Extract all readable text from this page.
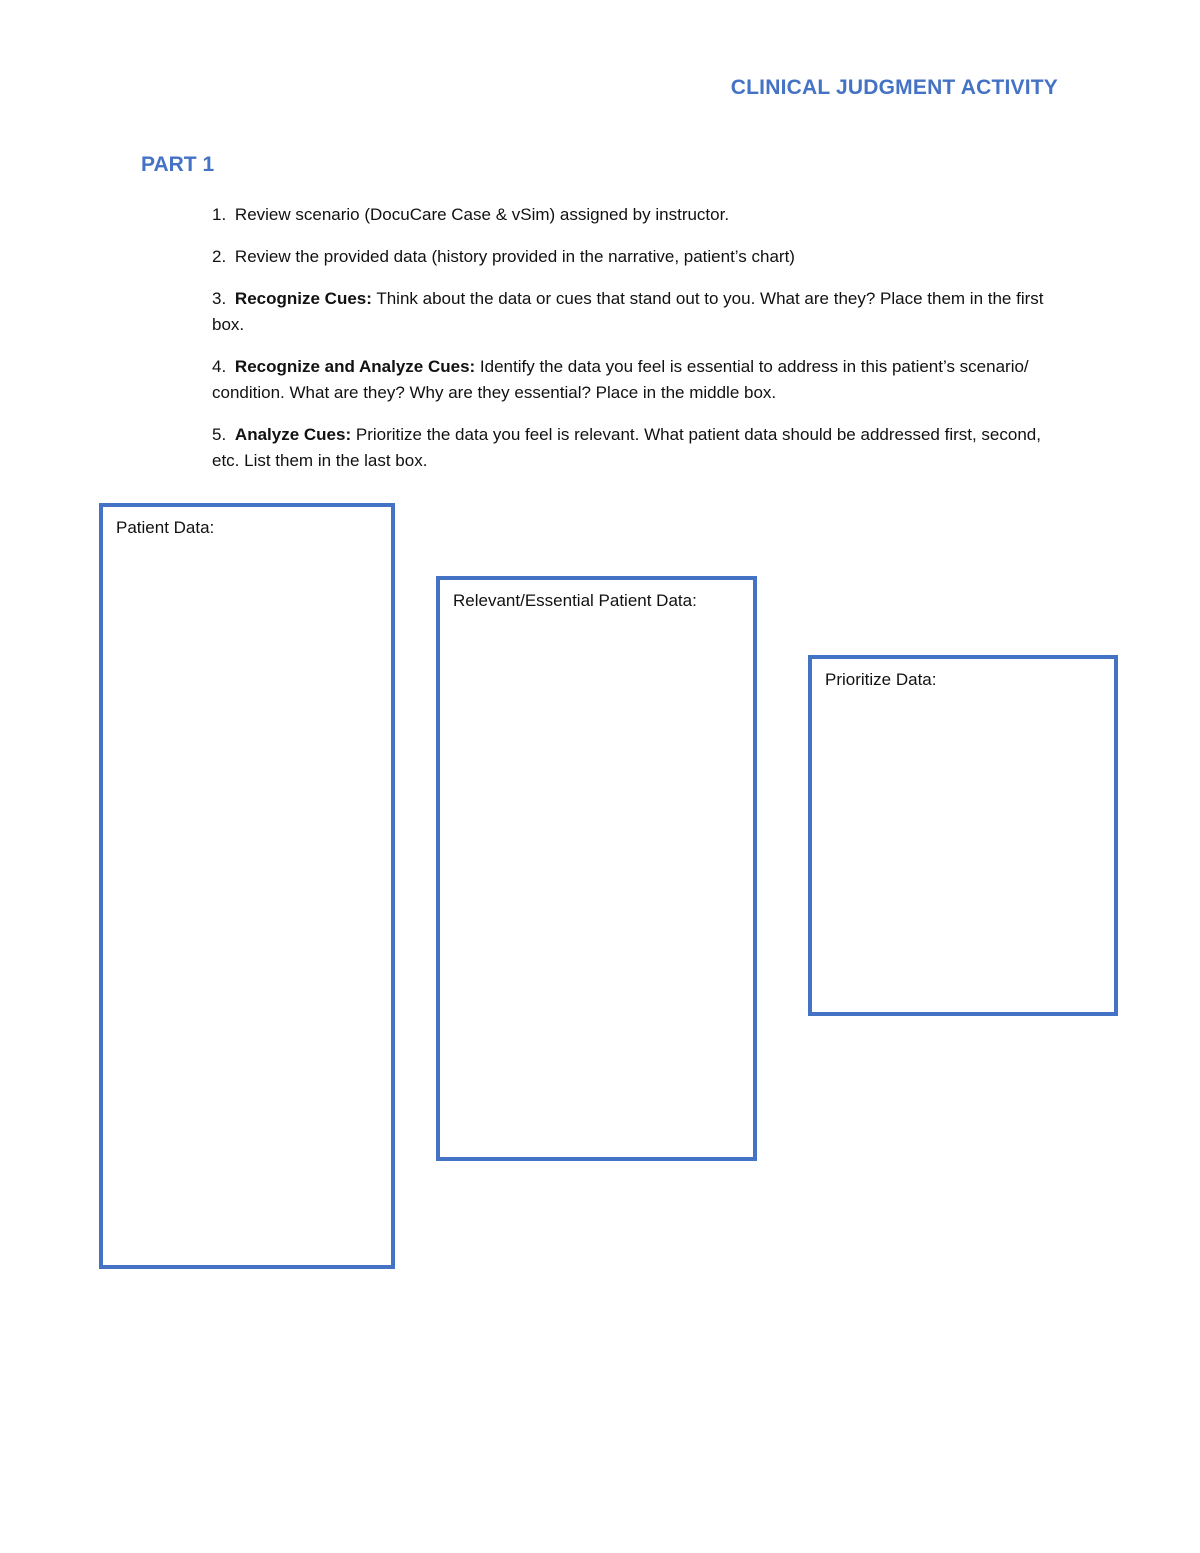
CLINICAL JUDGMENT ACTIVITY
PART 1
1. Review scenario (DocuCare Case & vSim) assigned by instructor.
2. Review the provided data (history provided in the narrative, patient’s chart)
3. Recognize Cues: Think about the data or cues that stand out to you. What are they? Place them in the first box.
4. Recognize and Analyze Cues: Identify the data you feel is essential to address in this patient’s scenario/ condition. What are they? Why are they essential? Place in the middle box.
5. Analyze Cues: Prioritize the data you feel is relevant. What patient data should be addressed first, second, etc. List them in the last box.
Patient Data:
Relevant/Essential Patient Data:
Prioritize Data:
